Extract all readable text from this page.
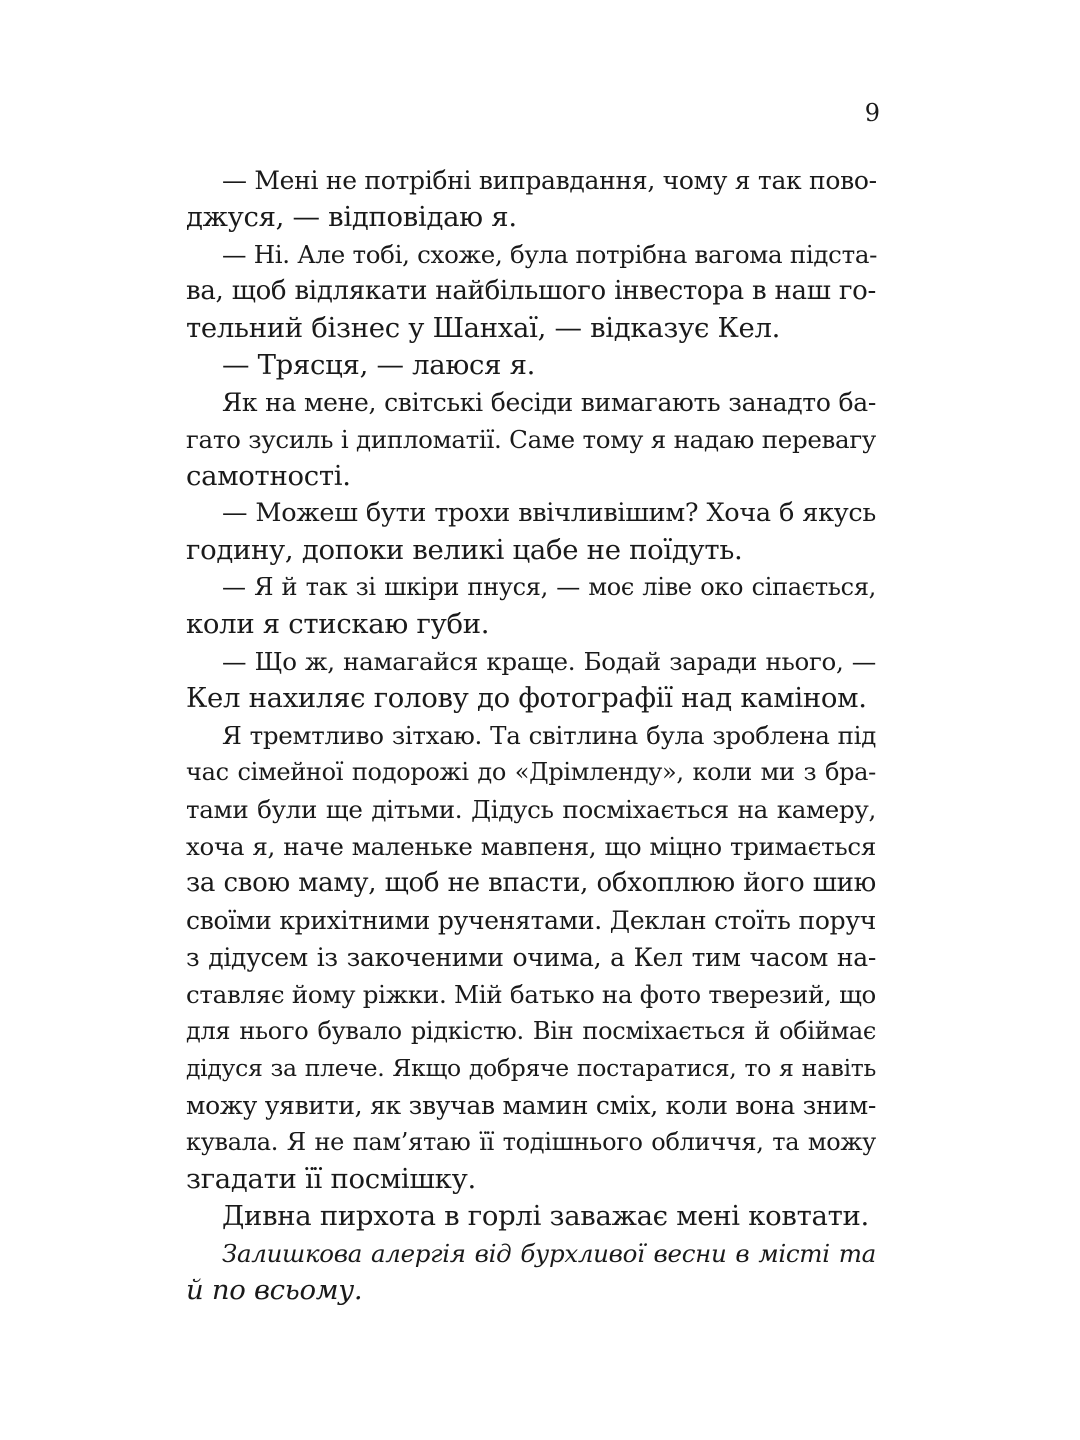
9
— Мені не потрібні виправдання, чому я так пово-
джуся, — відповідаю я.
— Ні. Але тобі, схоже, була потрібна вагома підста-
ва, щоб відлякати найбільшого інвестора в наш го-
тельний бізнес у Шанхаї, — відказує Кел.
— Трясця, — лаюся я.
Як на мене, світські бесіди вимагають занадто ба-
гато зусиль і дипломатії. Саме тому я надаю перевагу
самотності.
— Можеш бути трохи ввічливішим? Хоча б якусь
годину, допоки великі цабе не поїдуть.
— Я й так зі шкіри пнуся, — моє ліве око сіпається,
коли я стискаю губи.
— Що ж, намагайся краще. Бодай заради нього, —
Кел нахиляє голову до фотографії над каміном.
Я тремтливо зітхаю. Та світлина була зроблена під
час сімейної подорожі до «Дрімленду», коли ми з бра-
тами були ще дітьми. Дідусь посміхається на камеру,
хоча я, наче маленьке мавпеня, що міцно тримається
за свою маму, щоб не впасти, обхоплюю його шию
своїми крихітними рученятами. Деклан стоїть поруч
з дідусем із закоченими очима, а Кел тим часом на-
ставляє йому ріжки. Мій батько на фото тверезий, що
для нього бувало рідкістю. Він посміхається й обіймає
дідуся за плече. Якщо добряче постаратися, то я навіть
можу уявити, як звучав мамин сміх, коли вона зним-
кувала. Я не пам’ятаю її тодішнього обличчя, та можу
згадати її посмішку.
Дивна пирхота в горлі заважає мені ковтати.
Залишкова алергія від бурхливої весни в місті та
й по всьому.
